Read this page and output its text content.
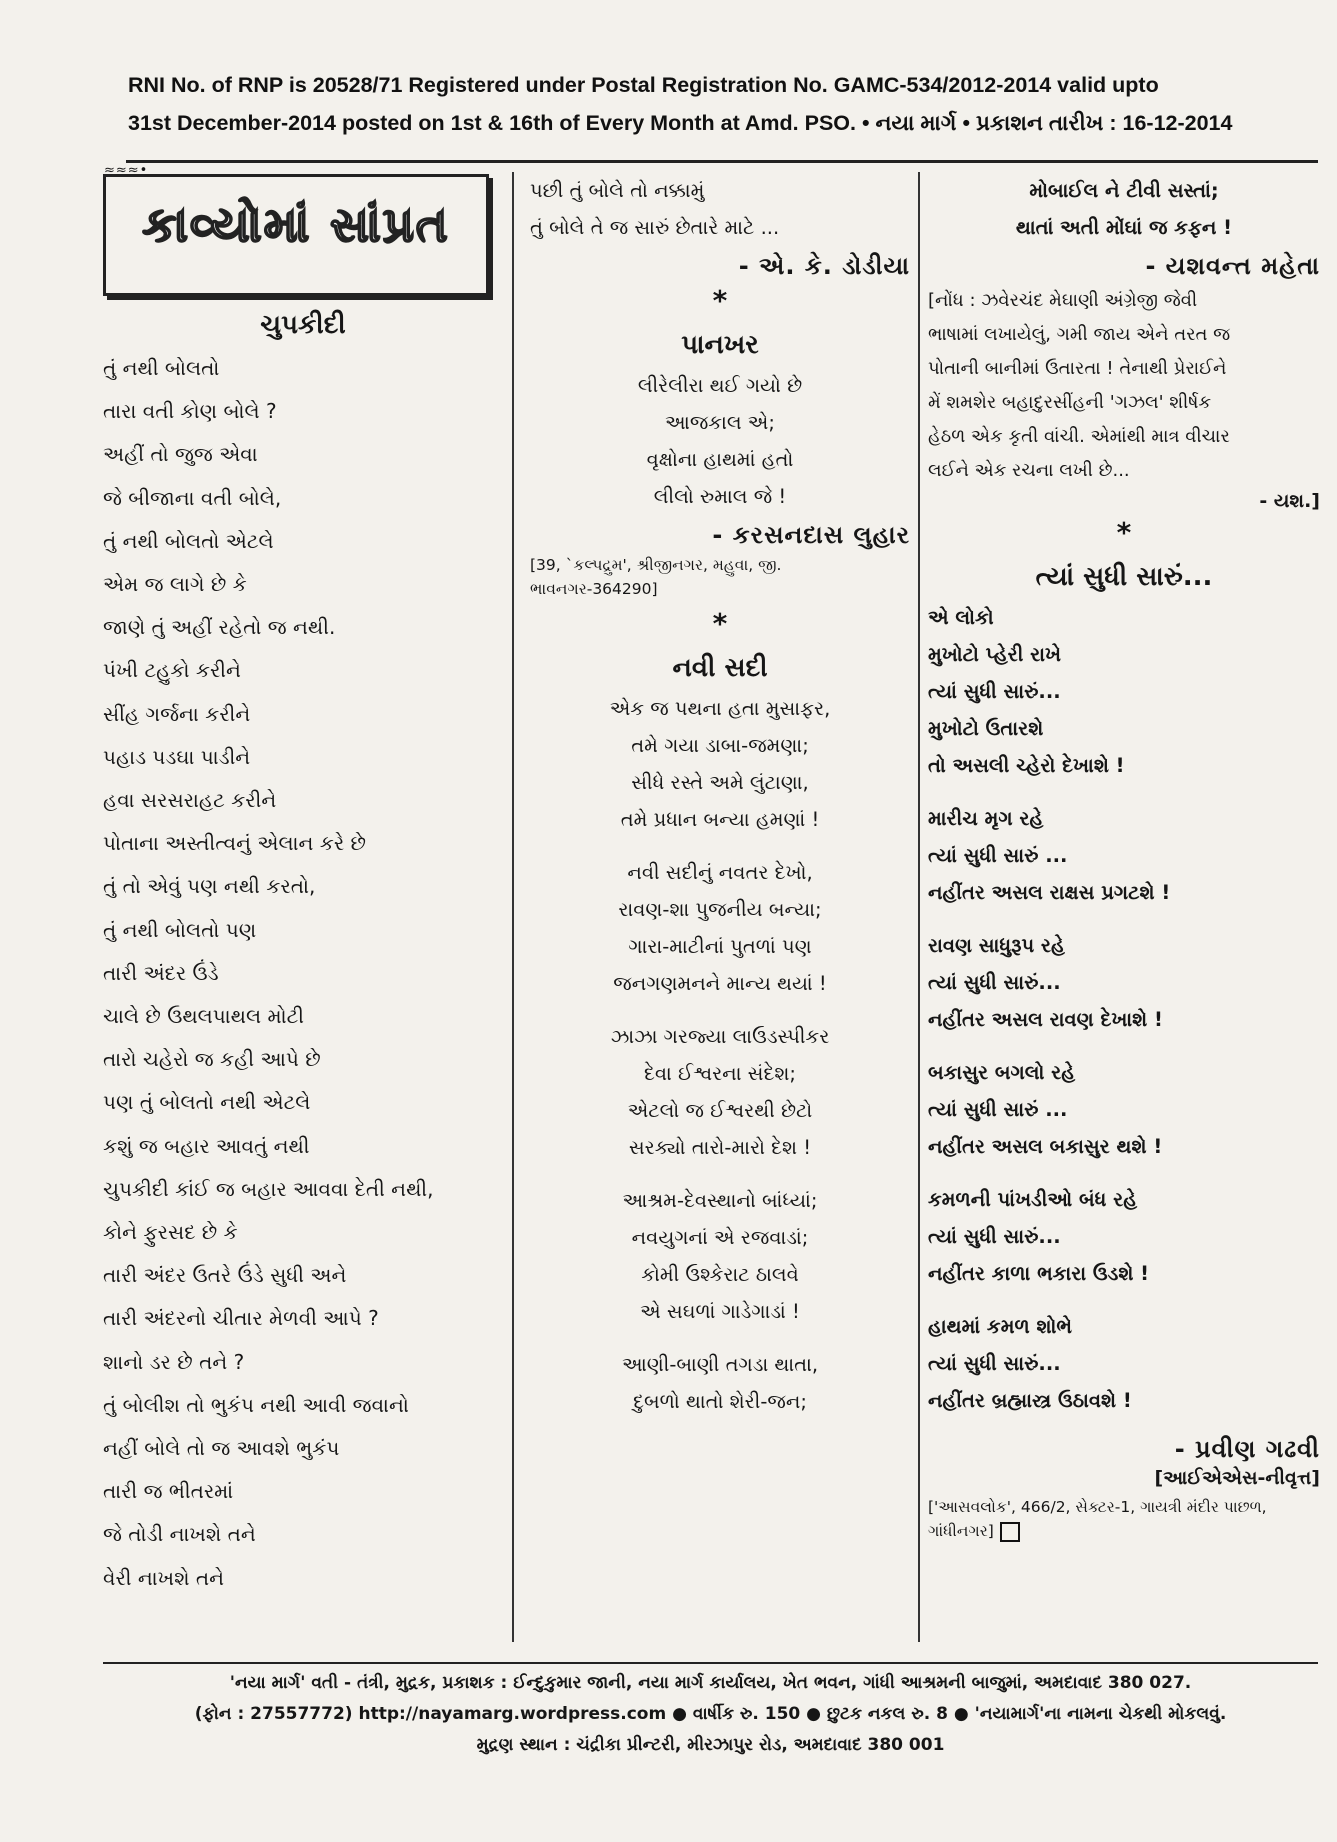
RNI No. of RNP is 20528/71 Registered under Postal Registration No. GAMC-534/2012-2014 valid upto

31st December-2014 posted on 1st & 16th of Every Month at Amd. PSO. • નયા માર્ગ • પ્રકાશન તારીખ : 16-12-2014

≈≈≈•
કાવ્યોમાં સાંપ્રત
ચુપકીદી
તું નથી બોલતો
તારા વતી કોણ બોલે ?
અહીં તો જુજ એવા
જે બીજાના વતી બોલે,
તું નથી બોલતો એટલે
એમ જ લાગે છે કે
જાણે તું અહીં રહેતો જ નથી.
પંખી ટહુકો કરીને
સીંહ ગર્જના કરીને
પહાડ પડઘા પાડીને
હવા સરસરાહટ કરીને
પોતાના અસ્તીત્વનું એલાન કરે છે
તું તો એવું પણ નથી કરતો,
તું નથી બોલતો પણ
તારી અંદર ઉંડે
ચાલે છે ઉથલપાથલ મોટી
તારો ચહેરો જ કહી આપે છે
પણ તું બોલતો નથી એટલે
કશું જ બહાર આવતું નથી
ચુપકીદી કાંઈ જ બહાર આવવા દેતી નથી,
કોને ફુરસદ છે કે
તારી અંદર ઉતરે ઉંડે સુધી અને
તારી અંદરનો ચીતાર મેળવી આપે ?
શાનો ડર છે તને ?
તું બોલીશ તો ભુકંપ નથી આવી જવાનો
નહીં બોલે તો જ આવશે ભુકંપ
તારી જ ભીતરમાં
જે તોડી નાખશે તને
વેરી નાખશે તને
પછી તું બોલે તો નક્કામું
તું બોલે તે જ સારું છેતારે માટે ...
- એ. કે. ડોડીયા
*
પાનખર
લીરેલીરા થઈ ગયો છે
આજકાલ એ;
વૃક્ષોના હાથમાં હતો
લીલો રુમાલ જે !
- કરસનદાસ લુહાર
[39, `કલ્પદ્રુમ', શ્રીજીનગર, મહુવા, જી. ભાવનગર-364290]
*
નવી સદી
એક જ પથના હતા મુસાફર,
તમે ગયા ડાબા-જમણા;
સીધે રસ્તે અમે લુંટાણા,
તમે પ્રધાન બન્યા હમણાં !
નવી સદીનું નવતર દેખો,
રાવણ-શા પુજનીય બન્યા;
ગારા-માટીનાં પુતળાં પણ
જનગણમનને માન્ય થયાં !
ઝાઝા ગરજ્યા લાઉડસ્પીકર
દેવા ઈશ્વરના સંદેશ;
એટલો જ ઈશ્વરથી છેટો
સરક્યો તારો-મારો દેશ !
આશ્રમ-દેવસ્થાનો બાંધ્યાં;
નવયુગનાં એ રજવાડાં;
કોમી ઉશ્કેરાટ ઠાલવે
એ સઘળાં ગાડેગાડાં !
આણી-બાણી તગડા થાતા,
દુબળો થાતો શેરી-જન;
મોબાઈલ ને ટીવી સસ્તાં;
થાતાં અતી મોંઘાં જ કફન !
- યશવન્ત મહેતા

[નોંધ : ઝવેરચંદ મેઘાણી અંગ્રેજી જેવી

ભાષામાં લખાયેલું, ગમી જાય એને તરત જ

પોતાની બાનીમાં ઉતારતા ! તેનાથી પ્રેરાઈને

મેં શમશેર બહાદુરસીંહની 'ગઝલ' શીર્ષક

હેઠળ એક કૃતી વાંચી. એમાંથી માત્ર વીચાર

લઈને એક રચના લખી છે...

- યશ.]
*
ત્યાં સુધી સારું...
એ લોકો
મુખોટો પ્હેરી રાખે
ત્યાં સુધી સારું...
મુખોટો ઉતારશે
તો અસલી ચ્હેરો દેખાશે !
મારીચ મૃગ રહે
ત્યાં સુધી સારું ...
નહીંતર અસલ રાક્ષસ પ્રગટશે !
રાવણ સાધુરૂપ રહે
ત્યાં સુધી સારું...
નહીંતર અસલ રાવણ દેખાશે !
બકાસુર બગલો રહે
ત્યાં સુધી સારું ...
નહીંતર અસલ બકાસુર થશે !
કમળની પાંખડીઓ બંધ રહે
ત્યાં સુધી સારું...
નહીંતર કાળા ભકારા ઉડશે !
હાથમાં કમળ શોભે
ત્યાં સુધી સારું...
નહીંતર બ્રહ્માસ્ત્ર ઉઠાવશે !
- પ્રવીણ ગઢવી
[આઈએએસ-નીવૃત્ત]
['આસવલોક', 466/2, સેક્ટર-1, ગાયત્રી મંદીર પાછળ, ગાંધીનગર]

'નયા માર્ગ' વતી - તંત્રી, મુદ્રક, પ્રકાશક : ઈન્દુકુમાર જાની, નયા માર્ગ કાર્યાલય, ખેત ભવન, ગાંધી આશ્રમની બાજુમાં, અમદાવાદ 380 027.

(ફોન : 27557772) http://nayamarg.wordpress.com ● વાર્ષીક રુ. 150 ● છુટક નકલ રુ. 8 ● 'નયામાર્ગ'ના નામના ચેકથી મોકલવું.

મુદ્રણ સ્થાન : ચંદ્રીકા પ્રીન્ટરી, મીરઝાપુર રોડ, અમદાવાદ 380 001
